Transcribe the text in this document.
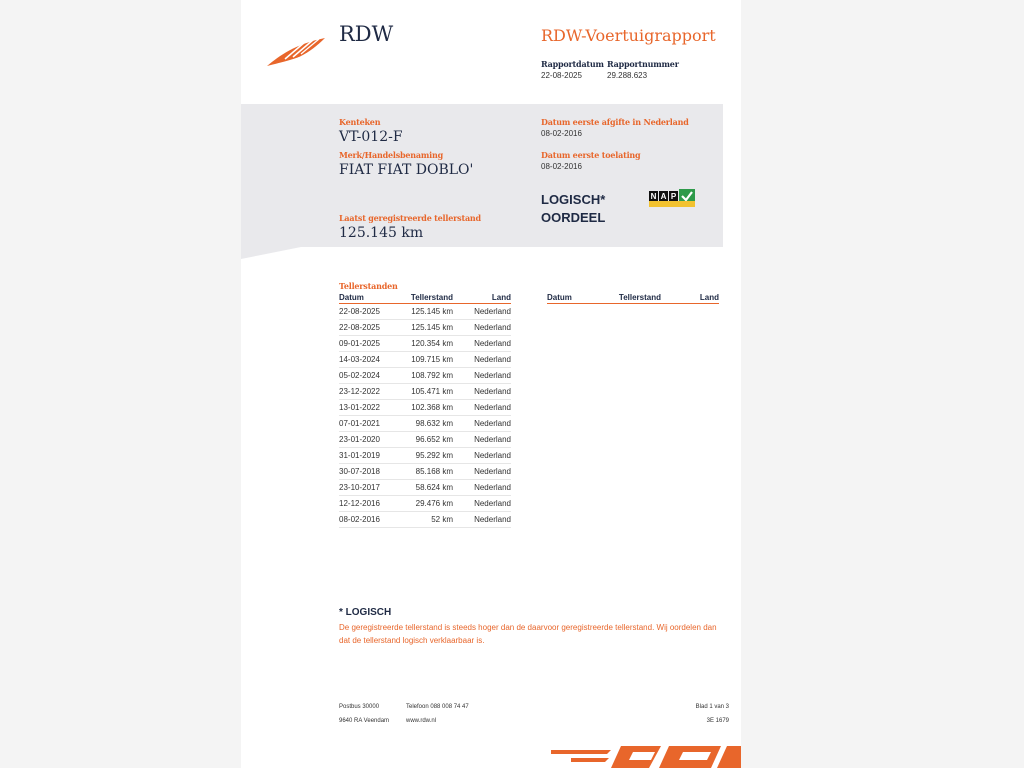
RDW	RDW-Voertuigrapport
Rapportdatum
22-08-2025
Rapportnummer
29.288.623
Kenteken
VT-012-F
Merk/Handelsbenaming
FIAT FIAT DOBLO'
Datum eerste afgifte in Nederland
08-02-2016
Datum eerste toelating
08-02-2016
LOGISCH*
OORDEEL
N A P
Laatst geregistreerde tellerstand
125.145 km
Tellerstanden
Datum	Tellerstand	Land
22-08-2025	125.145 km	Nederland
22-08-2025	125.145 km	Nederland
09-01-2025	120.354 km	Nederland
14-03-2024	109.715 km	Nederland
05-02-2024	108.792 km	Nederland
23-12-2022	105.471 km	Nederland
13-01-2022	102.368 km	Nederland
07-01-2021	98.632 km	Nederland
23-01-2020	96.652 km	Nederland
31-01-2019	95.292 km	Nederland
30-07-2018	85.168 km	Nederland
23-10-2017	58.624 km	Nederland
12-12-2016	29.476 km	Nederland
08-02-2016	52 km	Nederland
Datum	Tellerstand	Land
* LOGISCH
De geregistreerde tellerstand is steeds hoger dan de daarvoor geregistreerde tellerstand. Wij oordelen dan
dat de tellerstand logisch verklaarbaar is.
Postbus 30000
9640 RA Veendam
Telefoon 088 008 74 47
www.rdw.nl
Blad 1 van 3
3E 1679
